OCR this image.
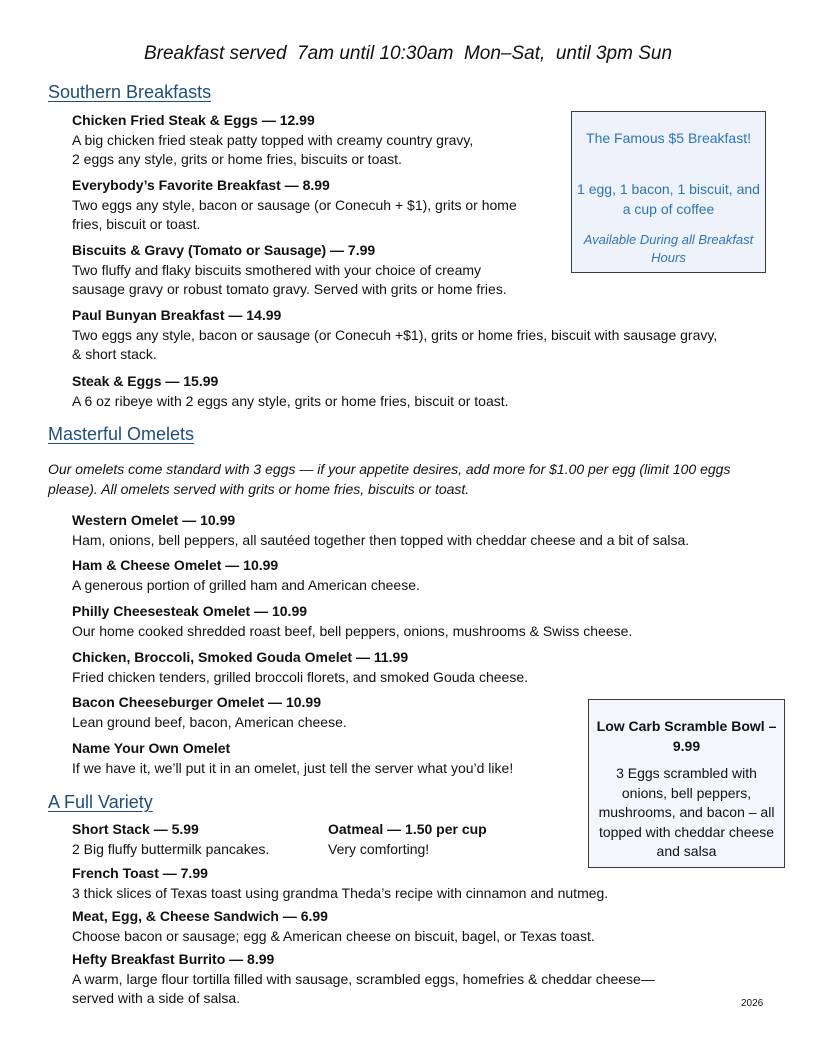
Breakfast served  7am until 10:30am  Mon–Sat,  until 3pm Sun
Southern Breakfasts
Chicken Fried Steak & Eggs — 12.99
A big chicken fried steak patty topped with creamy country gravy,
2 eggs any style, grits or home fries, biscuits or toast.
Everybody’s Favorite Breakfast — 8.99
Two eggs any style, bacon or sausage (or Conecuh + $1), grits or home
fries, biscuit or toast.
Biscuits & Gravy (Tomato or Sausage) — 7.99
Two fluffy and flaky biscuits smothered with your choice of creamy
sausage gravy or robust tomato gravy. Served with grits or home fries.
Paul Bunyan Breakfast — 14.99
Two eggs any style, bacon or sausage (or Conecuh +$1), grits or home fries, biscuit with sausage gravy,
& short stack.
Steak & Eggs — 15.99
A 6 oz ribeye with 2 eggs any style, grits or home fries, biscuit or toast.

The Famous $5 Breakfast!

1 egg, 1 bacon, 1 biscuit, and a cup of coffee

Available During all Breakfast Hours

Masterful Omelets
Our omelets come standard with 3 eggs — if your appetite desires, add more for $1.00 per egg (limit 100 eggs please). All omelets served with grits or home fries, biscuits or toast.
Western Omelet — 10.99
Ham, onions, bell peppers, all sautéed together then topped with cheddar cheese and a bit of salsa.
Ham & Cheese Omelet — 10.99
A generous portion of grilled ham and American cheese.
Philly Cheesesteak Omelet — 10.99
Our home cooked shredded roast beef, bell peppers, onions, mushrooms & Swiss cheese.
Chicken, Broccoli, Smoked Gouda Omelet — 11.99
Fried chicken tenders, grilled broccoli florets, and smoked Gouda cheese.
Bacon Cheeseburger Omelet — 10.99
Lean ground beef, bacon, American cheese.
Name Your Own Omelet
If we have it, we’ll put it in an omelet, just tell the server what you’d like!
Low Carb Scramble Bowl – 9.99
3 Eggs scrambled with onions, bell peppers, mushrooms, and bacon – all topped with cheddar cheese and salsa
A Full Variety
Short Stack — 5.99
2 Big fluffy buttermilk pancakes.
Oatmeal — 1.50 per cup
Very comforting!
French Toast — 7.99
3 thick slices of Texas toast using grandma Theda’s recipe with cinnamon and nutmeg.
Meat, Egg, & Cheese Sandwich — 6.99
Choose bacon or sausage; egg & American cheese on biscuit, bagel, or Texas toast.
Hefty Breakfast Burrito — 8.99
A warm, large flour tortilla filled with sausage, scrambled eggs, homefries & cheddar cheese—
served with a side of salsa.	2026
